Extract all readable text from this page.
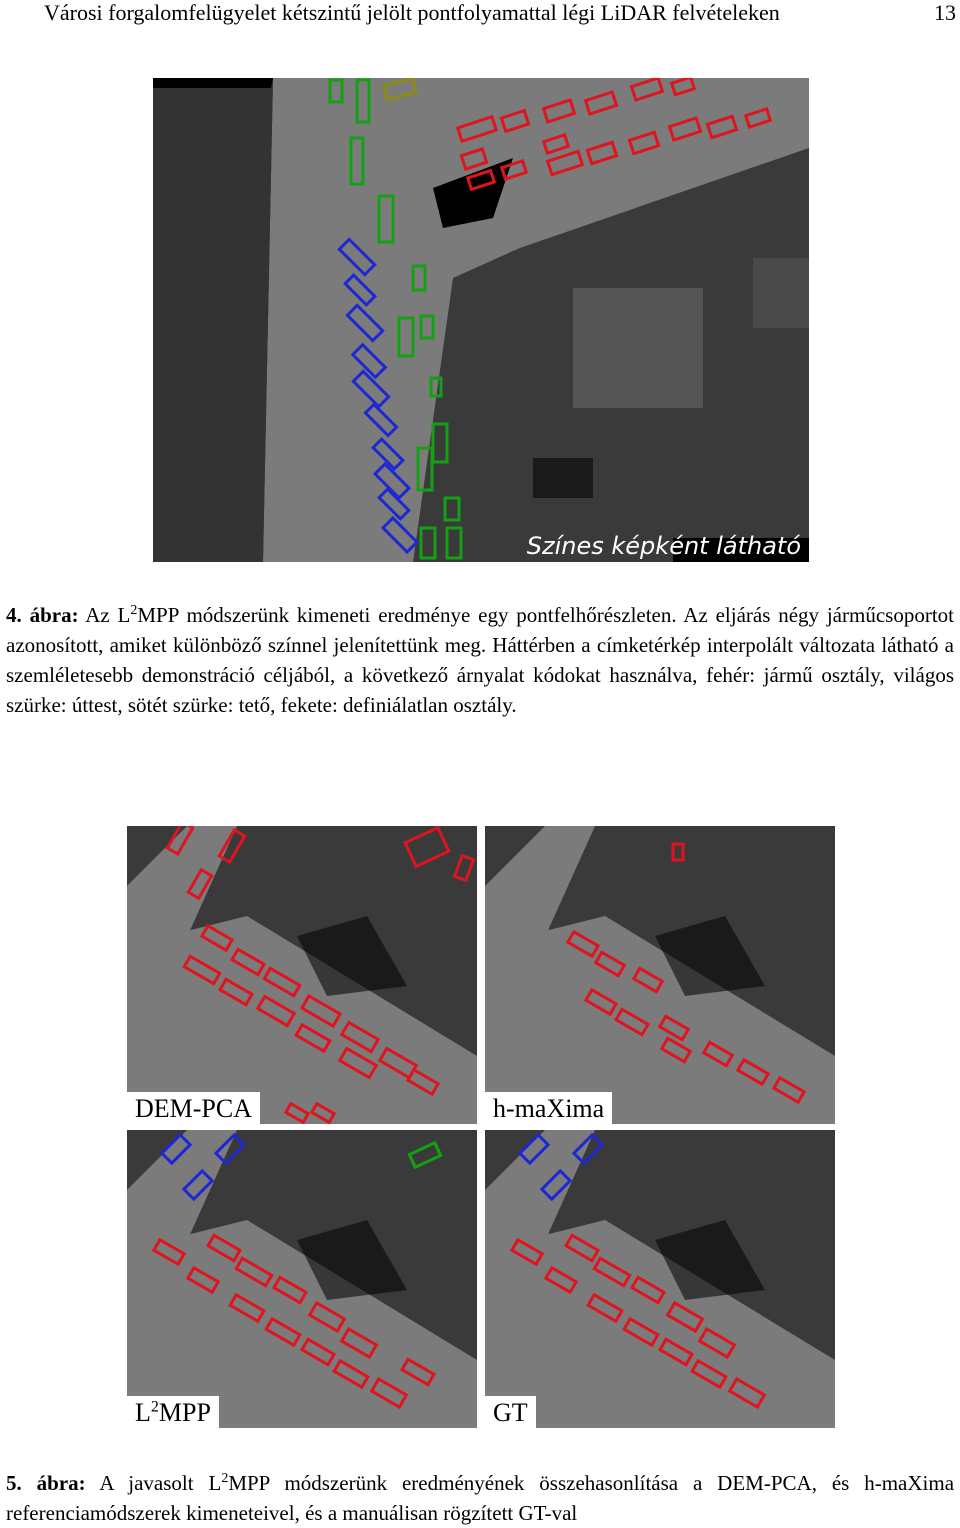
Városi forgalomfelügyelet kétszintű jelölt pontfolyamattal légi LiDAR felvételeken	13
Színes képként látható
4. ábra: Az $L^2MPP$ módszerünk kimeneti eredménye egy pontfelhőrészleten. Az eljárás négy járműcsoportot azonosított, amiket különböző színnel jelenítettünk meg. Háttérben a címketérkép interpolált változata látható a szemléletesebb demonstráció céljából, a következő árnyalat kódokat használva, fehér: jármű osztály, világos szürke: úttest, sötét szürke: tető, fekete: definiálatlan osztály.
DEM-PCA	h-maXima
$L^2MPP$	GT
5. ábra: A javasolt $L^2MPP$ módszerünk eredményének összehasonlítása a DEM-PCA, és h-maXima referenciamódszerek kimeneteivel, és a manuálisan rögzített GT-val
